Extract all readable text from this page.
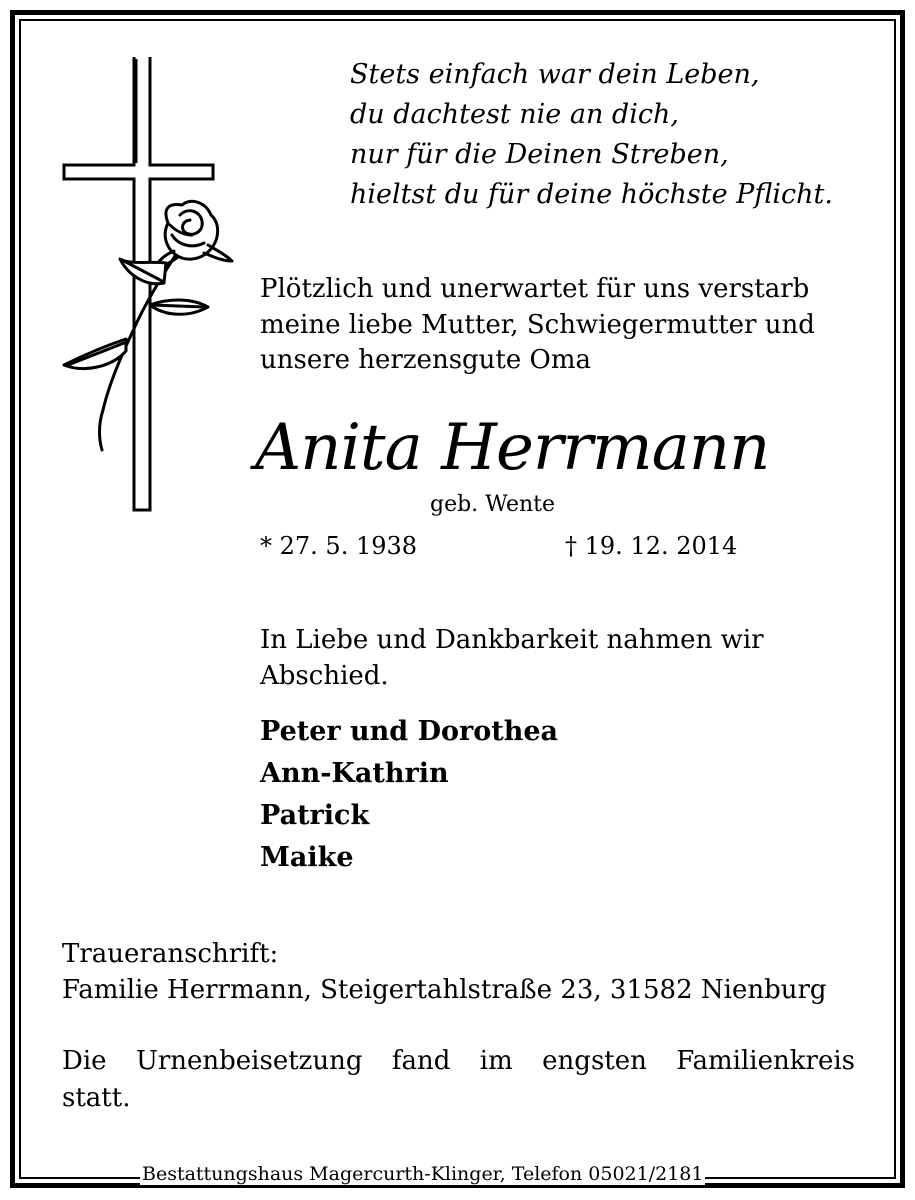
Stets einfach war dein Leben,
du dachtest nie an dich,
nur für die Deinen Streben,
hieltst du für deine höchste Pflicht.
Plötzlich und unerwartet für uns verstarb
meine liebe Mutter, Schwiegermutter und
unsere herzensgute Oma
Anita Herrmann
geb. Wente
* 27. 5. 1938	† 19. 12. 2014
In Liebe und Dankbarkeit nahmen wir
Abschied.
Peter und Dorothea
Ann-Kathrin
Patrick
Maike
Traueranschrift:
Familie Herrmann, Steigertahlstraße 23, 31582 Nienburg
Die Urnenbeisetzung fand im engsten Familienkreis
statt.
Bestattungshaus Magercurth-Klinger, Telefon 05021/2181
